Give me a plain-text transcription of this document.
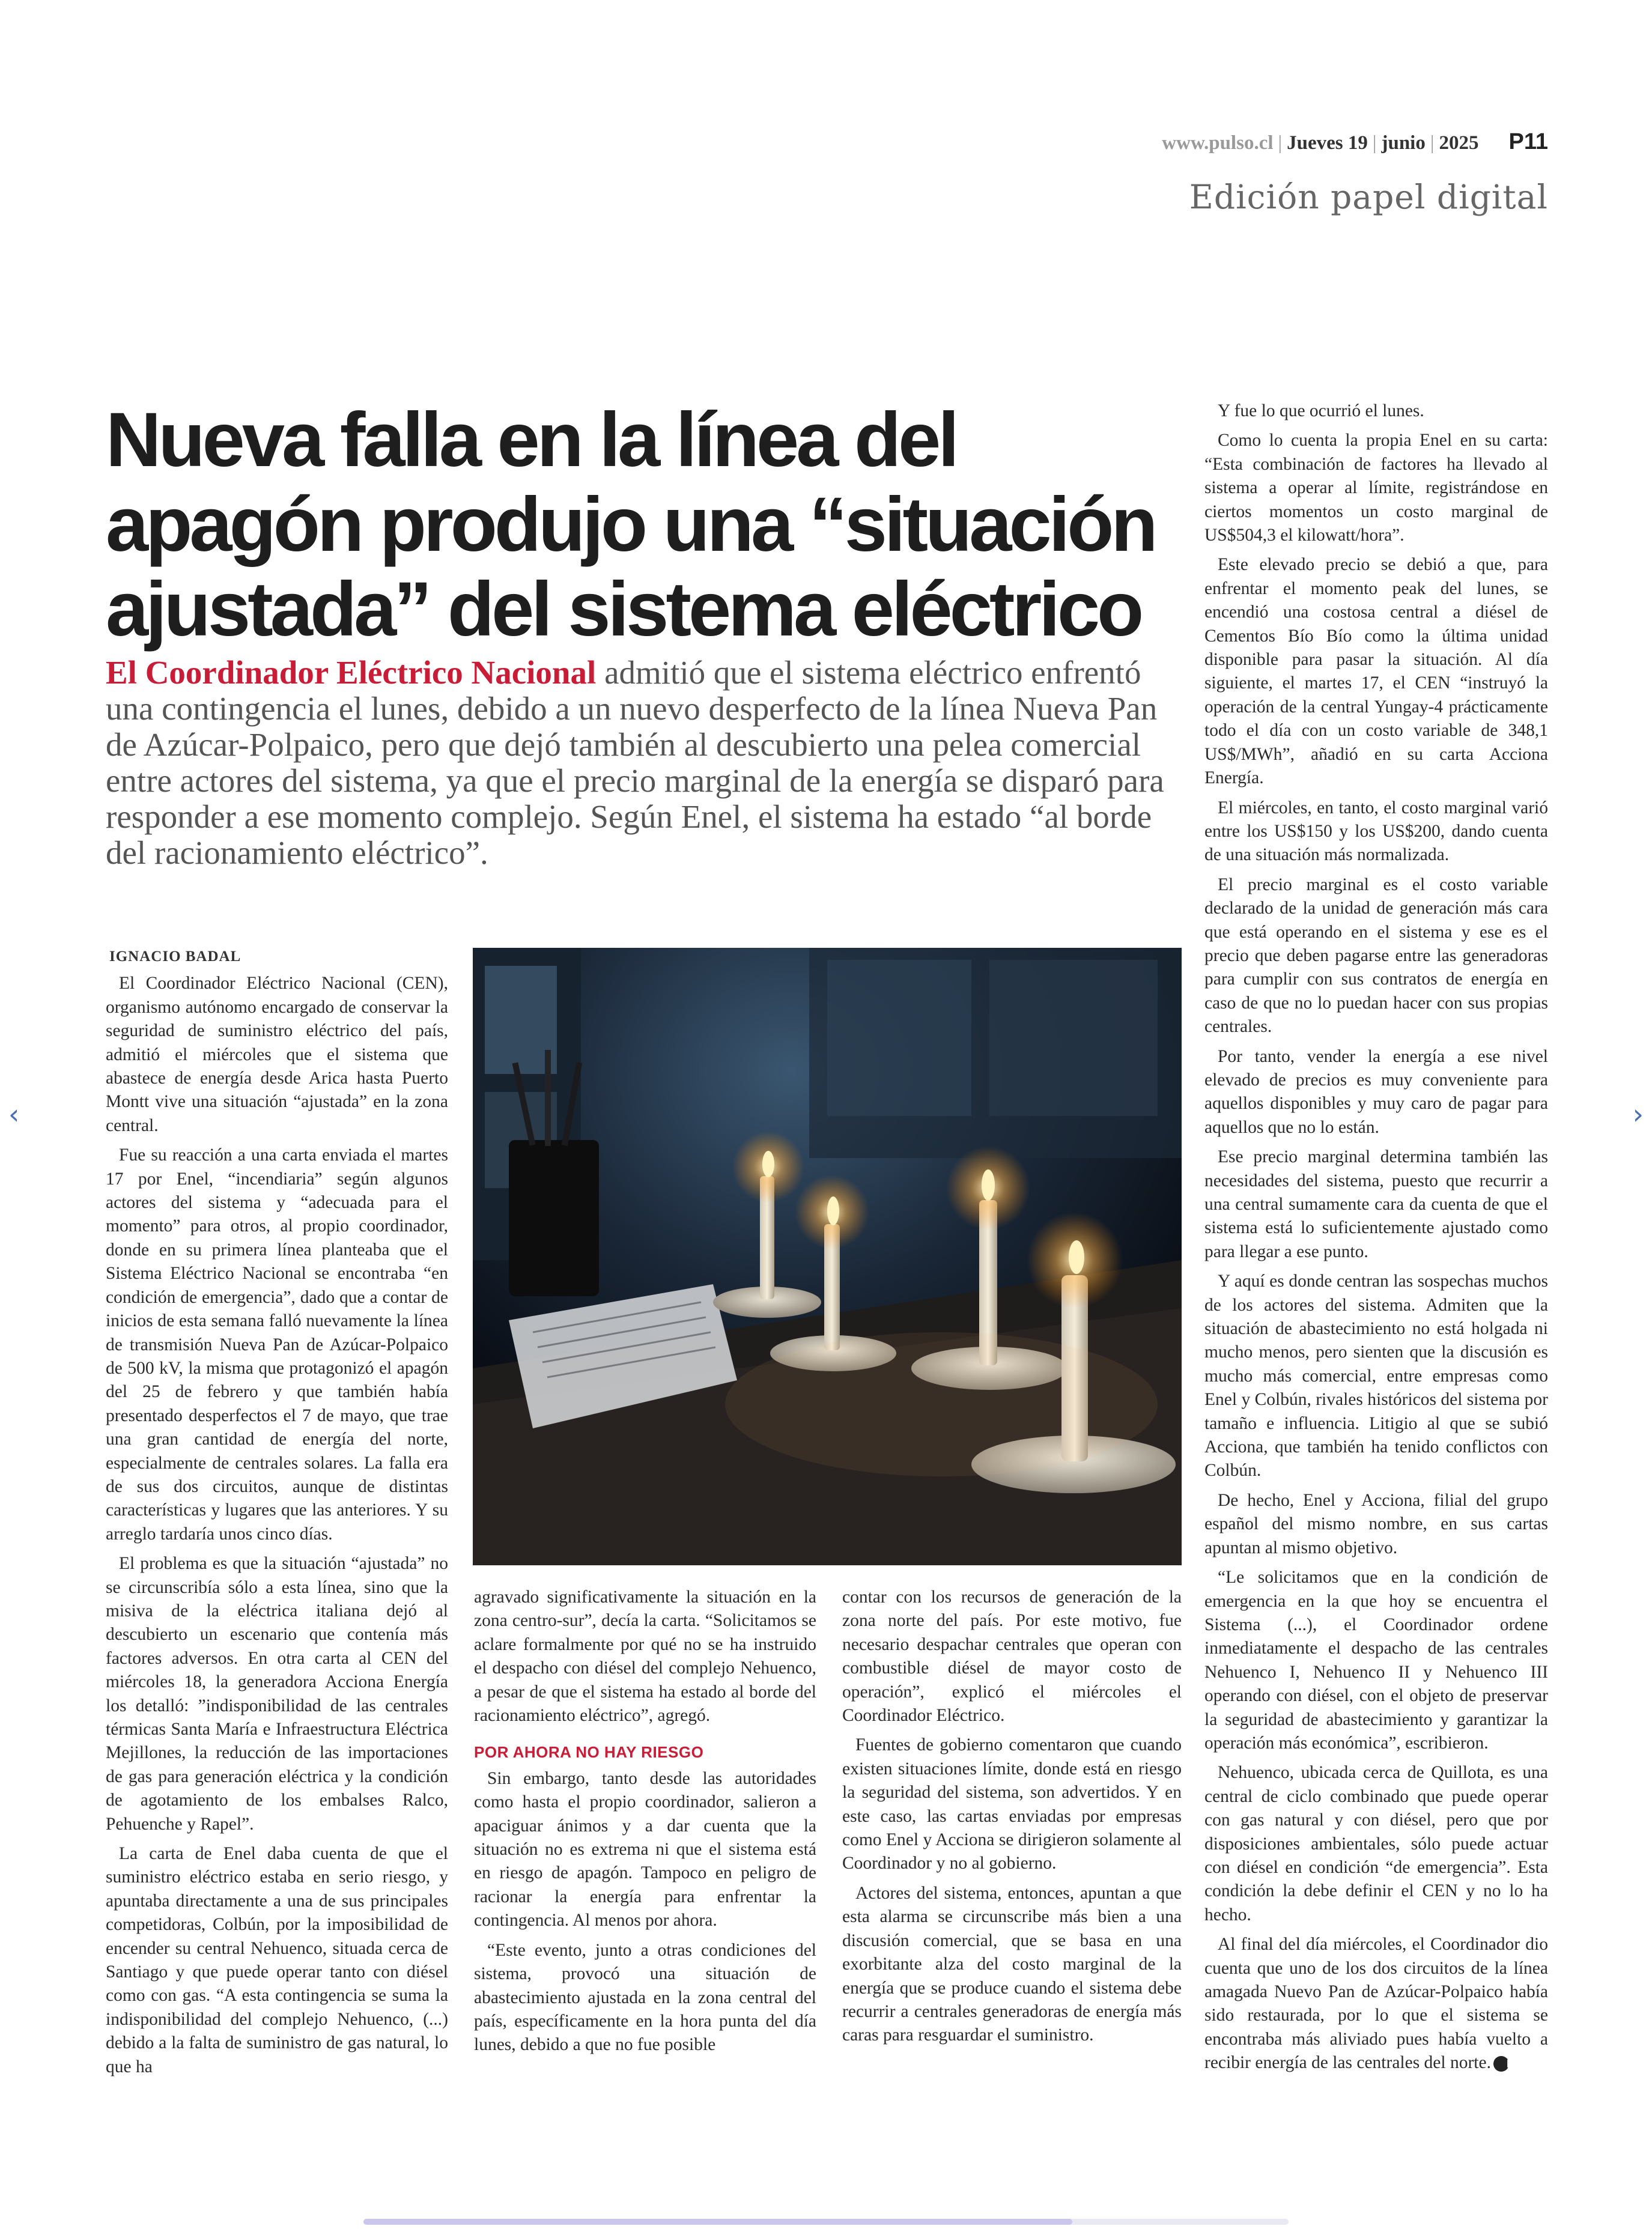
www.pulso.cl | Jueves 19 | junio | 2025 P11
Edición papel digital
Nueva falla en la línea del apagón produjo una “situación ajustada” del sistema eléctrico
El Coordinador Eléctrico Nacional admitió que el sistema eléctrico enfrentó una contingencia el lunes, debido a un nuevo desperfecto de la línea Nueva Pan de Azúcar-Polpaico, pero que dejó también al descubierto una pelea comercial entre actores del sistema, ya que el precio marginal de la energía se disparó para responder a ese momento complejo. Según Enel, el sistema ha estado “al borde del racionamiento eléctrico”.
IGNACIO BADAL

El Coordinador Eléctrico Nacional (CEN), organismo autónomo encargado de conservar la seguridad de suministro eléctrico del país, admitió el miércoles que el sistema que abastece de energía desde Arica hasta Puerto Montt vive una situación “ajustada” en la zona central.

Fue su reacción a una carta enviada el martes 17 por Enel, “incendiaria” según algunos actores del sistema y “adecuada para el momento” para otros, al propio coordinador, donde en su primera línea planteaba que el Sistema Eléctrico Nacional se encontraba “en condición de emergencia”, dado que a contar de inicios de esta semana falló nuevamente la línea de transmisión Nueva Pan de Azúcar-Polpaico de 500 kV, la misma que protagonizó el apagón del 25 de febrero y que también había presentado desperfectos el 7 de mayo, que trae una gran cantidad de energía del norte, especialmente de centrales solares. La falla era de sus dos circuitos, aunque de distintas características y lugares que las anteriores. Y su arreglo tardaría unos cinco días.

El problema es que la situación “ajustada” no se circunscribía sólo a esta línea, sino que la misiva de la eléctrica italiana dejó al descubierto un escenario que contenía más factores adversos. En otra carta al CEN del miércoles 18, la generadora Acciona Energía los detalló: ”indisponibilidad de las centrales térmicas Santa María e Infraestructura Eléctrica Mejillones, la reducción de las importaciones de gas para generación eléctrica y la condición de agotamiento de los embalses Ralco, Pehuenche y Rapel”.

La carta de Enel daba cuenta de que el suministro eléctrico estaba en serio riesgo, y apuntaba directamente a una de sus principales competidoras, Colbún, por la imposibilidad de encender su central Nehuenco, situada cerca de Santiago y que puede operar tanto con diésel como con gas. “A esta contingencia se suma la indisponibilidad del complejo Nehuenco, (...) debido a la falta de suministro de gas natural, lo que ha

agravado significativamente la situación en la zona centro-sur”, decía la carta. “Solicitamos se aclare formalmente por qué no se ha instruido el despacho con diésel del complejo Nehuenco, a pesar de que el sistema ha estado al borde del racionamiento eléctrico”, agregó.

POR AHORA NO HAY RIESGO

Sin embargo, tanto desde las autoridades como hasta el propio coordinador, salieron a apaciguar ánimos y a dar cuenta que la situación no es extrema ni que el sistema está en riesgo de apagón. Tampoco en peligro de racionar la energía para enfrentar la contingencia. Al menos por ahora.

“Este evento, junto a otras condiciones del sistema, provocó una situación de abastecimiento ajustada en la zona central del país, específicamente en la hora punta del día lunes, debido a que no fue posible

contar con los recursos de generación de la zona norte del país. Por este motivo, fue necesario despachar centrales que operan con combustible diésel de mayor costo de operación”, explicó el miércoles el Coordinador Eléctrico.

Fuentes de gobierno comentaron que cuando existen situaciones límite, donde está en riesgo la seguridad del sistema, son advertidos. Y en este caso, las cartas enviadas por empresas como Enel y Acciona se dirigieron solamente al Coordinador y no al gobierno.

Actores del sistema, entonces, apuntan a que esta alarma se circunscribe más bien a una discusión comercial, que se basa en una exorbitante alza del costo marginal de la energía que se produce cuando el sistema debe recurrir a centrales generadoras de energía más caras para resguardar el suministro.

Y fue lo que ocurrió el lunes.

Como lo cuenta la propia Enel en su carta: “Esta combinación de factores ha llevado al sistema a operar al límite, registrándose en ciertos momentos un costo marginal de US$504,3 el kilowatt/hora”.

Este elevado precio se debió a que, para enfrentar el momento peak del lunes, se encendió una costosa central a diésel de Cementos Bío Bío como la última unidad disponible para pasar la situación. Al día siguiente, el martes 17, el CEN “instruyó la operación de la central Yungay-4 prácticamente todo el día con un costo variable de 348,1 US$/MWh”, añadió en su carta Acciona Energía.

El miércoles, en tanto, el costo marginal varió entre los US$150 y los US$200, dando cuenta de una situación más normalizada.

El precio marginal es el costo variable declarado de la unidad de generación más cara que está operando en el sistema y ese es el precio que deben pagarse entre las generadoras para cumplir con sus contratos de energía en caso de que no lo puedan hacer con sus propias centrales.

Por tanto, vender la energía a ese nivel elevado de precios es muy conveniente para aquellos disponibles y muy caro de pagar para aquellos que no lo están.

Ese precio marginal determina también las necesidades del sistema, puesto que recurrir a una central sumamente cara da cuenta de que el sistema está lo suficientemente ajustado como para llegar a ese punto.

Y aquí es donde centran las sospechas muchos de los actores del sistema. Admiten que la situación de abastecimiento no está holgada ni mucho menos, pero sienten que la discusión es mucho más comercial, entre empresas como Enel y Colbún, rivales históricos del sistema por tamaño e influencia. Litigio al que se subió Acciona, que también ha tenido conflictos con Colbún.

De hecho, Enel y Acciona, filial del grupo español del mismo nombre, en sus cartas apuntan al mismo objetivo.

“Le solicitamos que en la condición de emergencia en la que hoy se encuentra el Sistema (...), el Coordinador ordene inmediatamente el despacho de las centrales Nehuenco I, Nehuenco II y Nehuenco III operando con diésel, con el objeto de preservar la seguridad de abastecimiento y garantizar la operación más económica”, escribieron.

Nehuenco, ubicada cerca de Quillota, es una central de ciclo combinado que puede operar con gas natural y con diésel, pero que por disposiciones ambientales, sólo puede actuar con diésel en condición “de emergencia”. Esta condición la debe definir el CEN y no lo ha hecho.

Al final del día miércoles, el Coordinador dio cuenta que uno de los dos circuitos de la línea amagada Nuevo Pan de Azúcar-Polpaico había sido restaurada, por lo que el sistema se encontraba más aliviado pues había vuelto a recibir energía de las centrales del norte. P

‹	›
